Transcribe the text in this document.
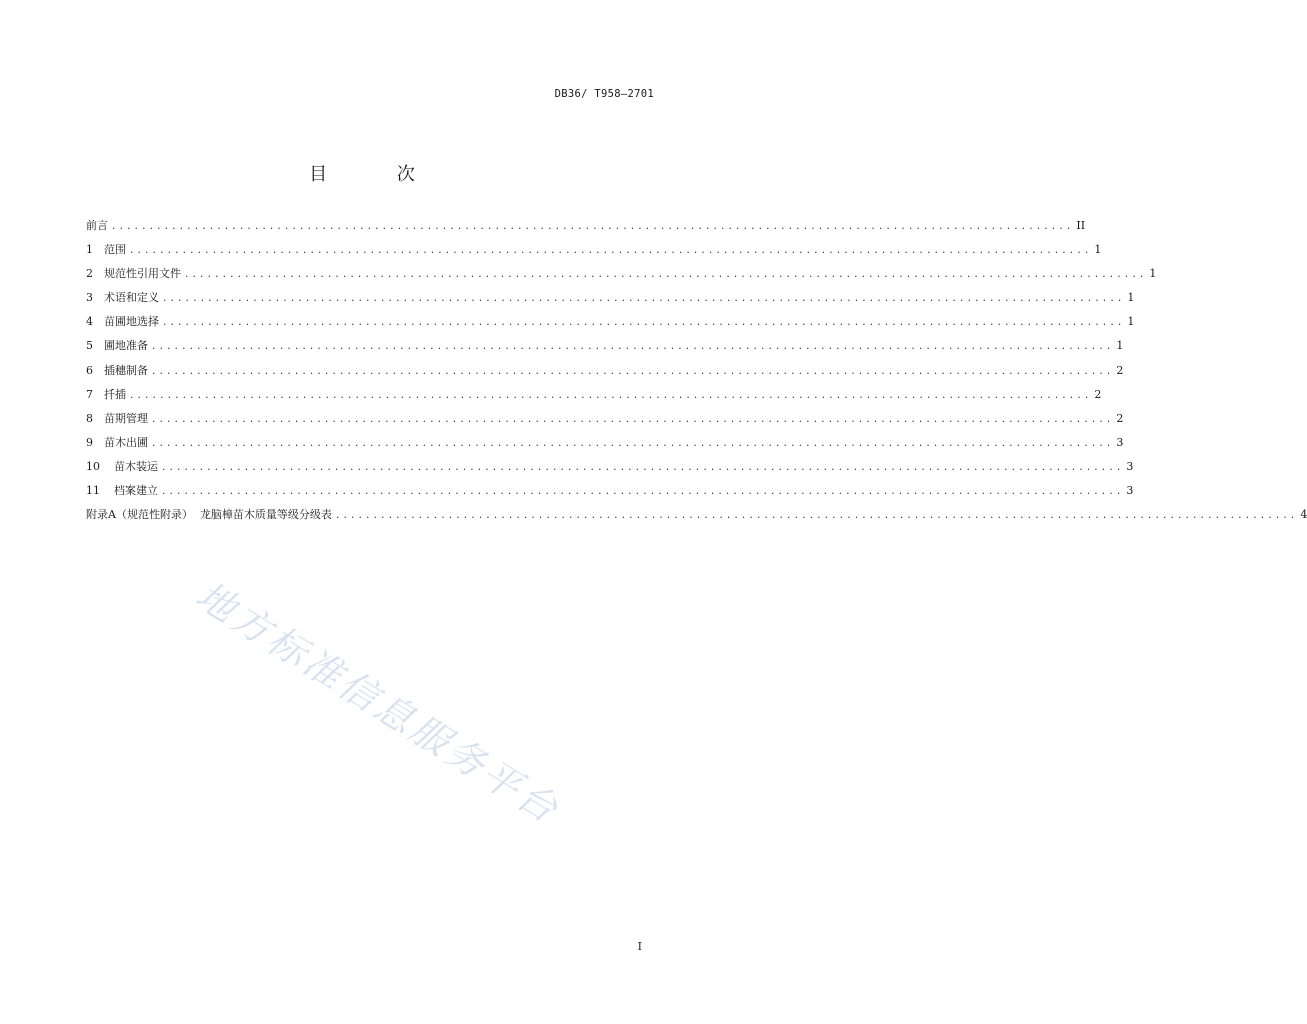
DB36/ T958—2701
目 次
前言 ................................................................................................................................ II
1 范围 ................................................................................................................................ 1
2 规范性引用文件 ................................................................................................................................ 1
3 术语和定义 ................................................................................................................................ 1
4 苗圃地选择 ................................................................................................................................ 1
5 圃地准备 ................................................................................................................................ 1
6 插穗制备 ................................................................................................................................ 2
7 扦插 ................................................................................................................................ 2
8 苗期管理 ................................................................................................................................ 2
9 苗木出圃 ................................................................................................................................ 3
10 苗木装运 ................................................................................................................................ 3
11 档案建立 ................................................................................................................................ 3
附录A（规范性附录）  龙脑樟苗木质量等级分级表 ................................................................................................................................ 4
地方标准信息服务平台
I
